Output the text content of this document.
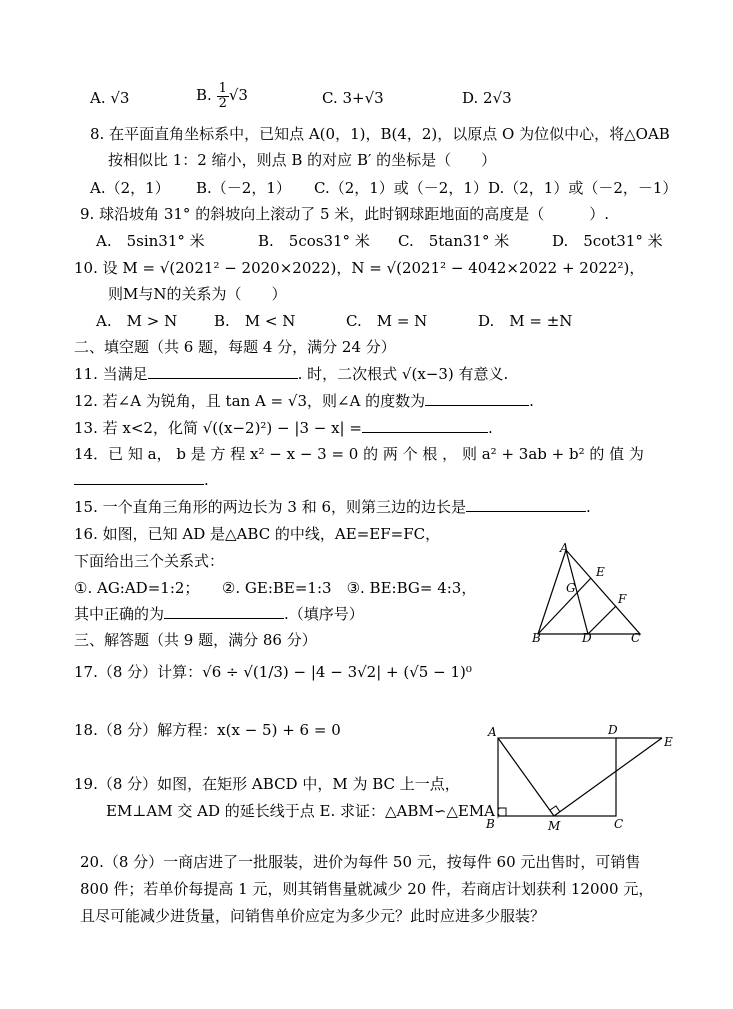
A. √3	B. $\frac{1}{2} √3$	C. 3+√3	D. 2√3
8. 在平面直角坐标系中，已知点 A(0，1)，B(4，2)，以原点 O 为位似中心，将△OAB
按相似比 1：2 缩小，则点 B 的对应 B′ 的坐标是（　　）
A.（2，1） B.（－2，1） C.（2，1）或（－2，1） D.（2，1）或（－2，－1）
9. 球沿坡角 31° 的斜坡向上滚动了 5 米，此时钢球距地面的高度是（　　　）.
A.　5sin31° 米	B.　5cos31° 米 C.　5tan31° 米	D.　5cot31° 米
10. 设 M = √(2021² − 2020×2022)，N = √(2021² − 4042×2022 + 2022²)，
则M与N的关系为（　　）
A.　M > N B.　M < N	C.　M = N	D.　M = ±N
二、填空题（共 6 题，每题 4 分，满分 24 分）
11. 当满足	. 时，二次根式 √(x−3) 有意义.
12. 若∠A 为锐角，且 tan A = √3，则∠A 的度数为	.
13. 若 x<2，化简 √((x−2)²) − |3 − x| =	.
14．已 知 a， b 是 方 程 x² − x − 3 = 0 的 两 个 根 ， 则 a² + 3ab + b² 的 值 为
.
15. 一个直角三角形的两边长为 3 和 6，则第三边的边长是	.
16. 如图，已知 AD 是△ABC 的中线，AE=EF=FC，
下面给出三个关系式：
①. AG:AD=1:2；　　②. GE:BE=1:3　③. BE:BG= 4:3，
其中正确的为	.（填序号）
A
B	C
D
E
F
G
三、解答题（共 9 题，满分 86 分）
17.（8 分）计算：√6 ÷ √(1/3) − |4 − 3√2| + (√5 − 1)⁰
18.（8 分）解方程：x(x − 5) + 6 = 0
19.（8 分）如图，在矩形 ABCD 中，M 为 BC 上一点，
EM⊥AM 交 AD 的延长线于点 E. 求证：△ABM∽△EMA；
A
B	C
D
E
M
20.（8 分）一商店进了一批服装，进价为每件 50 元，按每件 60 元出售时，可销售
800 件；若单价每提高 1 元，则其销售量就减少 20 件，若商店计划获利 12000 元，
且尽可能减少进货量，问销售单价应定为多少元？此时应进多少服装？
